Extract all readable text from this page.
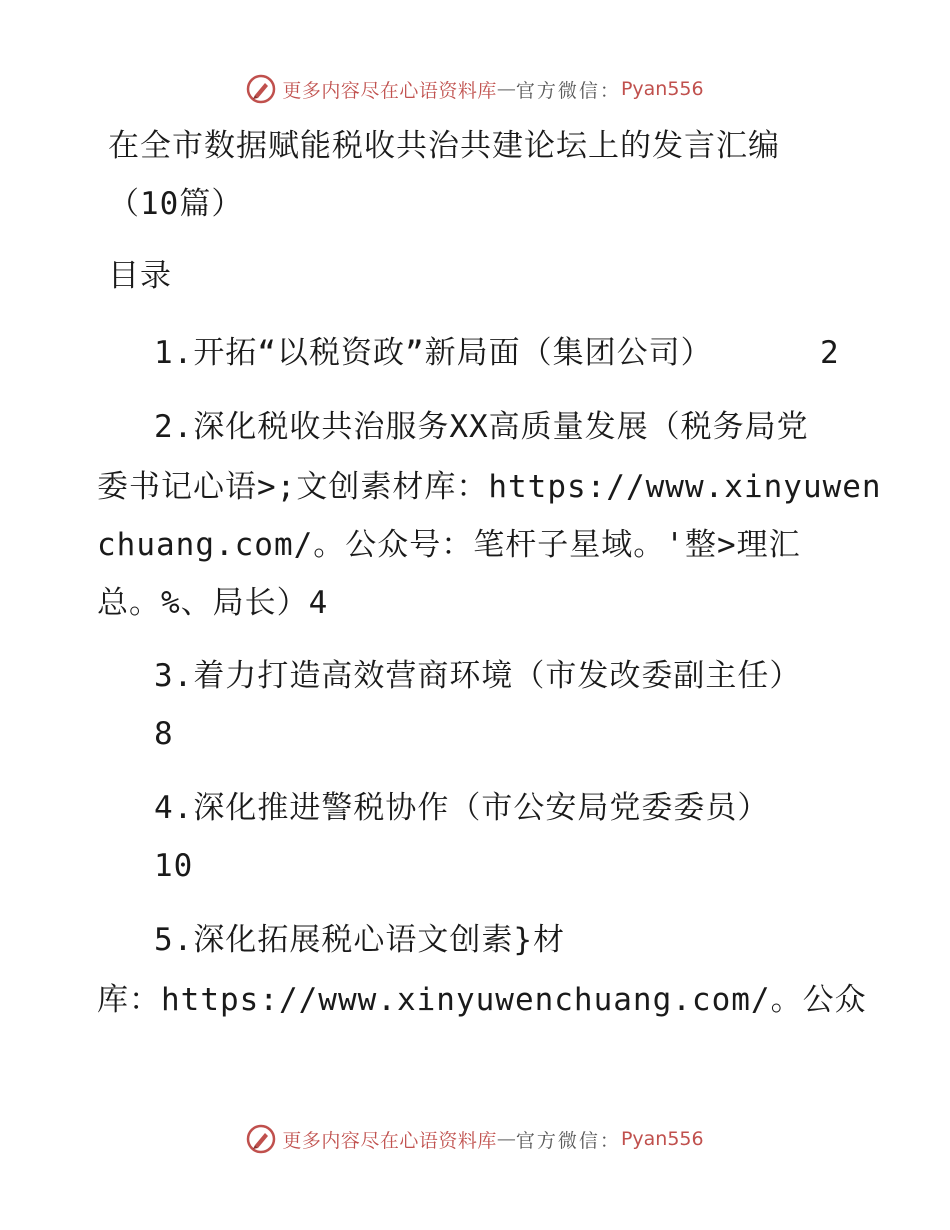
更多内容尽在心语资料库 — 官方微信： Pyan556
在全市数据赋能税收共治共建论坛上的发言汇编
（10篇）
目录
1.开拓“以税资政”新局面（集团公司）	2
2.深化税收共治服务XX高质量发展（税务局党
委书记心语>;文创素材库：https://www.xinyuwen
chuang.com/。公众号：笔杆子星域。'整>理汇
总。%、局长）4
3.着力打造高效营商环境（市发改委副主任）
8
4.深化推进警税协作（市公安局党委委员）
10
5.深化拓展税心语文创素}材
库：https://www.xinyuwenchuang.com/。公众
更多内容尽在心语资料库 — 官方微信： Pyan556
